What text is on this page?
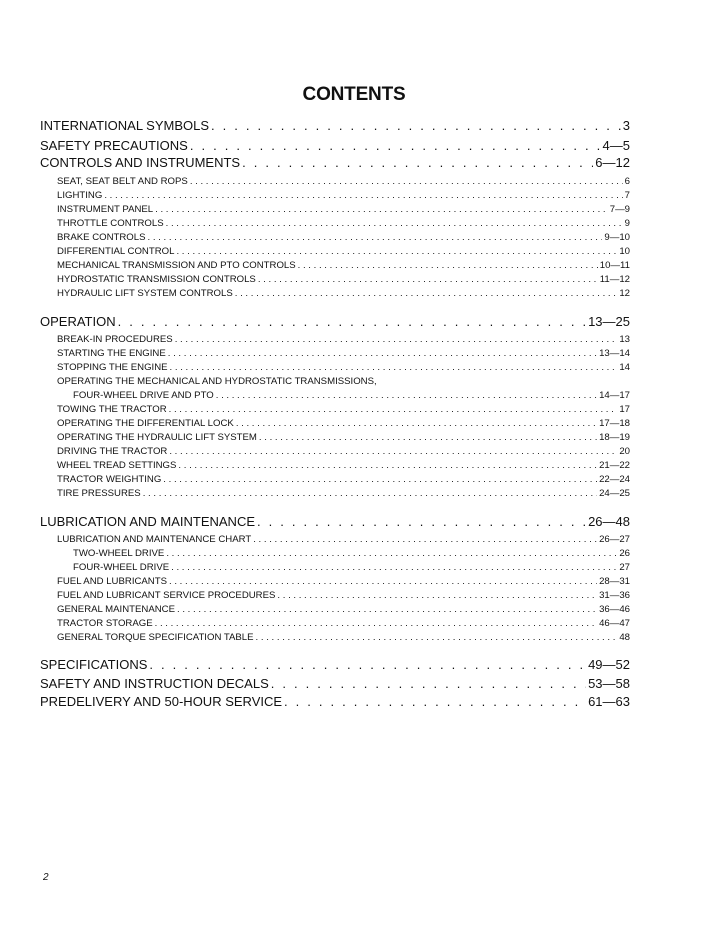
CONTENTS
INTERNATIONAL SYMBOLS . . .	3
SAFETY PRECAUTIONS . . .	4—5
CONTROLS AND INSTRUMENTS . . .	6—12
SEAT, SEAT BELT AND ROPS . . .	6
LIGHTING . . .	7
INSTRUMENT PANEL . . .	7—9
THROTTLE CONTROLS . . .	9
BRAKE CONTROLS . . .	9—10
DIFFERENTIAL CONTROL . . .	10
MECHANICAL TRANSMISSION AND PTO CONTROLS . . .	10—11
HYDROSTATIC TRANSMISSION CONTROLS . . .	11—12
HYDRAULIC LIFT SYSTEM CONTROLS . . .	12
OPERATION . . .	13—25
BREAK-IN PROCEDURES . . .	13
STARTING THE ENGINE . . .	13—14
STOPPING THE ENGINE . . .	14
OPERATING THE MECHANICAL AND HYDROSTATIC TRANSMISSIONS,
FOUR-WHEEL DRIVE AND PTO . . .	14—17
TOWING THE TRACTOR . . .	17
OPERATING THE DIFFERENTIAL LOCK . . .	17—18
OPERATING THE HYDRAULIC LIFT SYSTEM . . .	18—19
DRIVING THE TRACTOR . . .	20
WHEEL TREAD SETTINGS . . .	21—22
TRACTOR WEIGHTING . . .	22—24
TIRE PRESSURES . . .	24—25
LUBRICATION AND MAINTENANCE . . .	26—48
LUBRICATION AND MAINTENANCE CHART . . .	26—27
TWO-WHEEL DRIVE . . .	26
FOUR-WHEEL DRIVE . . .	27
FUEL AND LUBRICANTS . . .	28—31
FUEL AND LUBRICANT SERVICE PROCEDURES . . .	31—36
GENERAL MAINTENANCE . . .	36—46
TRACTOR STORAGE . . .	46—47
GENERAL TORQUE SPECIFICATION TABLE . . .	48
SPECIFICATIONS . . .	49—52
SAFETY AND INSTRUCTION DECALS . . .	53—58
PREDELIVERY AND 50-HOUR SERVICE . . .	61—63
2
